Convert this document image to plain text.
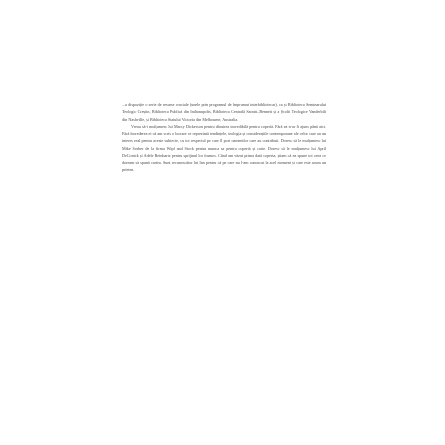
...a dispoziție o serie de resurse cruciale (unele prin programul de împrumut interbibliotecar), ca și Biblioteca Seminarului Teologic Creștin, Biblioteca Publică din Indianapolis, Biblioteca Centrală Sarratt–Bennett și a Școlii Teologice Vanderbilt din Nashville, și Biblioteca Statului Victoria din Melbourne, Australia.

Vreau să-i mulțumesc lui Marcy Dickerson pentru dăruirea incredibilă pentru copertă. Fără ea n-ar fi ajuns până aici. Fără încrederea ei că am scris o lucrare ce reprezintă tendințele, teologia și considerațiile contemporane ale celor care au un interes real pentru aceste subiecte, cu tot respectul pe care îl port oamenilor care au contribuit. Doresc să le mulțumesc lui Mike Sorber de la firma Wipf and Stock pentru munca sa pentru copertă și carte. Doresc să le mulțumesc lui April DeConick și Adele Reinhartz pentru sprijinul lor frumos. Când am văzut prima dată coperta, știam că ea spune tot ceea ce doream să spună cartea. Sunt recunoscător lui Ian pentru că pe care nu l-am cunoscut la acel moment și care este acum un prieten.
